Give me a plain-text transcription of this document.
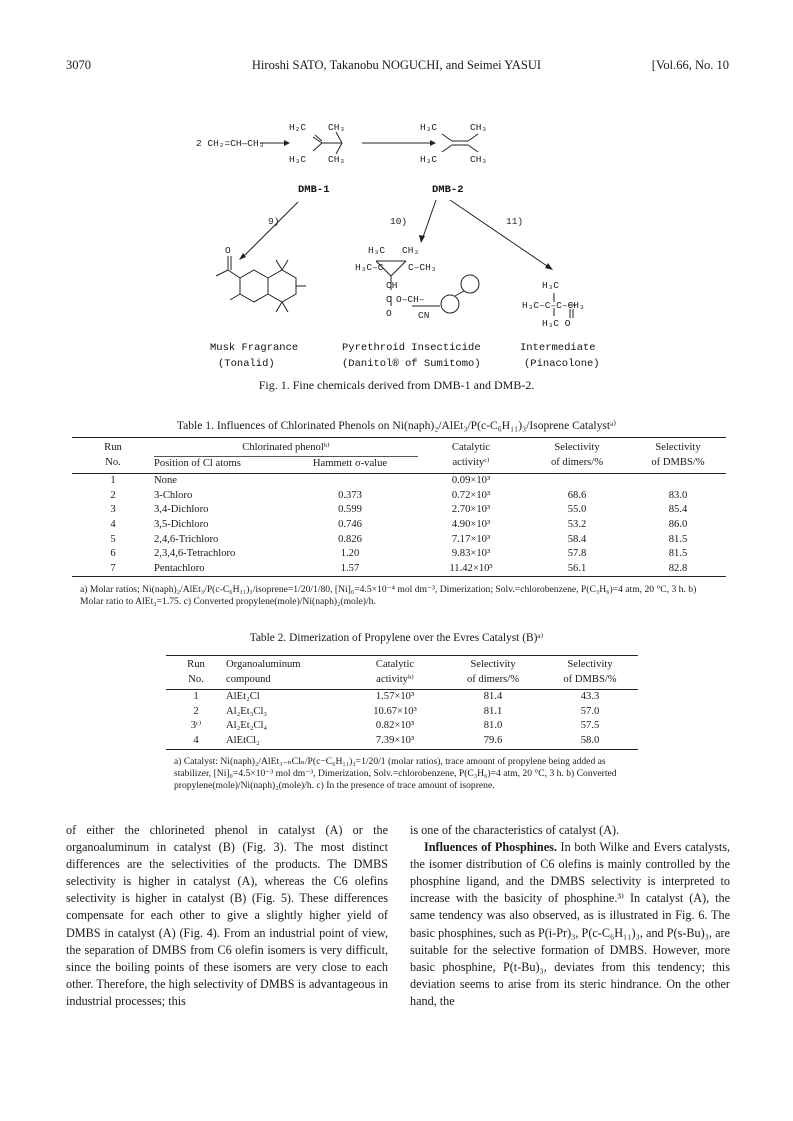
3070	Hiroshi SATO, Takanobu NOGUCHI, and Seimei YASUI	[Vol.66, No. 10
2 CH₂=CH—CH₃
H₂C CH₃
H₃C CH₃
H₃C	CH₃
H₃C	CH₃
DMB-1	DMB-2
9)	10)	11)
O	H₃C CH₃
H₃C–C	C–CH₃
CH
C
O
O–CH–
CN
H₃C
H₃C–C–C–CH₃
H₃C O
Musk Fragrance
(Tonalid)
Pyrethroid Insecticide
(Danitol® of Sumitomo)
Intermediate
(Pinacolone)
Fig. 1. Fine chemicals derived from DMB-1 and DMB-2.
Table 1. Influences of Chlorinated Phenols on Ni(naph)₂/AlEt₃/P(c-C₆H₁₁)₃/Isoprene Catalystᵃ⁾
Run	Chlorinated phenolᵇ⁾		Catalytic	Selectivity	Selectivity
No.	Position of Cl atoms	Hammett σ-value	activityᶜ⁾	of dimers/%	of DMBS/%
1	None		0.09×10³		
2	3-Chloro	0.373	0.72×10³	68.6	83.0
3	3,4-Dichloro	0.599	2.70×10³	55.0	85.4
4	3,5-Dichloro	0.746	4.90×10³	53.2	86.0
5	2,4,6-Trichloro	0.826	7.17×10³	58.4	81.5
6	2,3,4,6-Tetrachloro	1.20	9.83×10³	57.8	81.5
7	Pentachloro	1.57	11.42×10³	56.1	82.8
a) Molar ratios; Ni(naph)₂/AlEt₃/P(c-C₆H₁₁)₃/isoprene=1/20/1/80, [Ni]₀=4.5×10⁻⁴ mol dm⁻³, Dimerization; Solv.=chlorobenzene, P(C₃H₆)=4 atm, 20 °C, 3 h. b) Molar ratio to AlEt₃=1.75. c) Converted propylene(mole)/Ni(naph)₂(mole)/h.
Table 2. Dimerization of Propylene over the Evres Catalyst (B)ᵃ⁾
Run	Organoaluminum	Catalytic	Selectivity	Selectivity
No.	compound	activityᵇ⁾	of dimers/%	of DMBS/%
1	AlEt₂Cl	1.57×10³	81.4	43.3
2	Al₂Et₃Cl₃	10.67×10³	81.1	57.0
3ᶜ⁾	Al₂Et₂Cl₄	0.82×10³	81.0	57.5
4	AlEtCl₂	7.39×10³	79.6	58.0
a) Catalyst: Ni(naph)₂/AlEt₃₋ₙClₙ/P(c−C₆H₁₁)₃=1/20/1 (molar ratios), trace amount of propylene being added as stabilizer, [Ni]₀=4.5×10⁻³ mol dm⁻³, Dimerization, Solv.=chlorobenzene, P(C₃H₆)=4 atm, 20 °C, 3 h. b) Converted propylene(mole)/Ni(naph)₂(mole)/h. c) In the presence of trace amount of isoprene.

of either the chlorineted phenol in catalyst (A) or the organoaluminum in catalyst (B) (Fig. 3). The most distinct differences are the selectivities of the products. The DMBS selectivity is higher in catalyst (A), whereas the C6 olefins selectivity is higher in catalyst (B) (Fig. 5). These differences compensate for each other to give a slightly higher yield of DMBS in catalyst (A) (Fig. 4). From an industrial point of view, the separation of DMBS from C6 olefin isomers is very difficult, since the boiling points of these isomers are very close to each other. Therefore, the high selectivity of DMBS is advantageous in industrial processes; this

is one of the characteristics of catalyst (A).

Influences of Phosphines. In both Wilke and Evers catalysts, the isomer distribution of C6 olefins is mainly controlled by the phosphine ligand, and the DMBS selectivity is interpreted to increase with the basicity of phosphine.³⁾ In catalyst (A), the same tendency was also observed, as is illustrated in Fig. 6. The basic phosphines, such as P(i-Pr)₃, P(c-C₆H₁₁)₃, and P(s-Bu)₃, are suitable for the selective formation of DMBS. However, more basic phosphine, P(t-Bu)₃, deviates from this tendency; this deviation seems to arise from its steric hindrance. On the other hand, the
